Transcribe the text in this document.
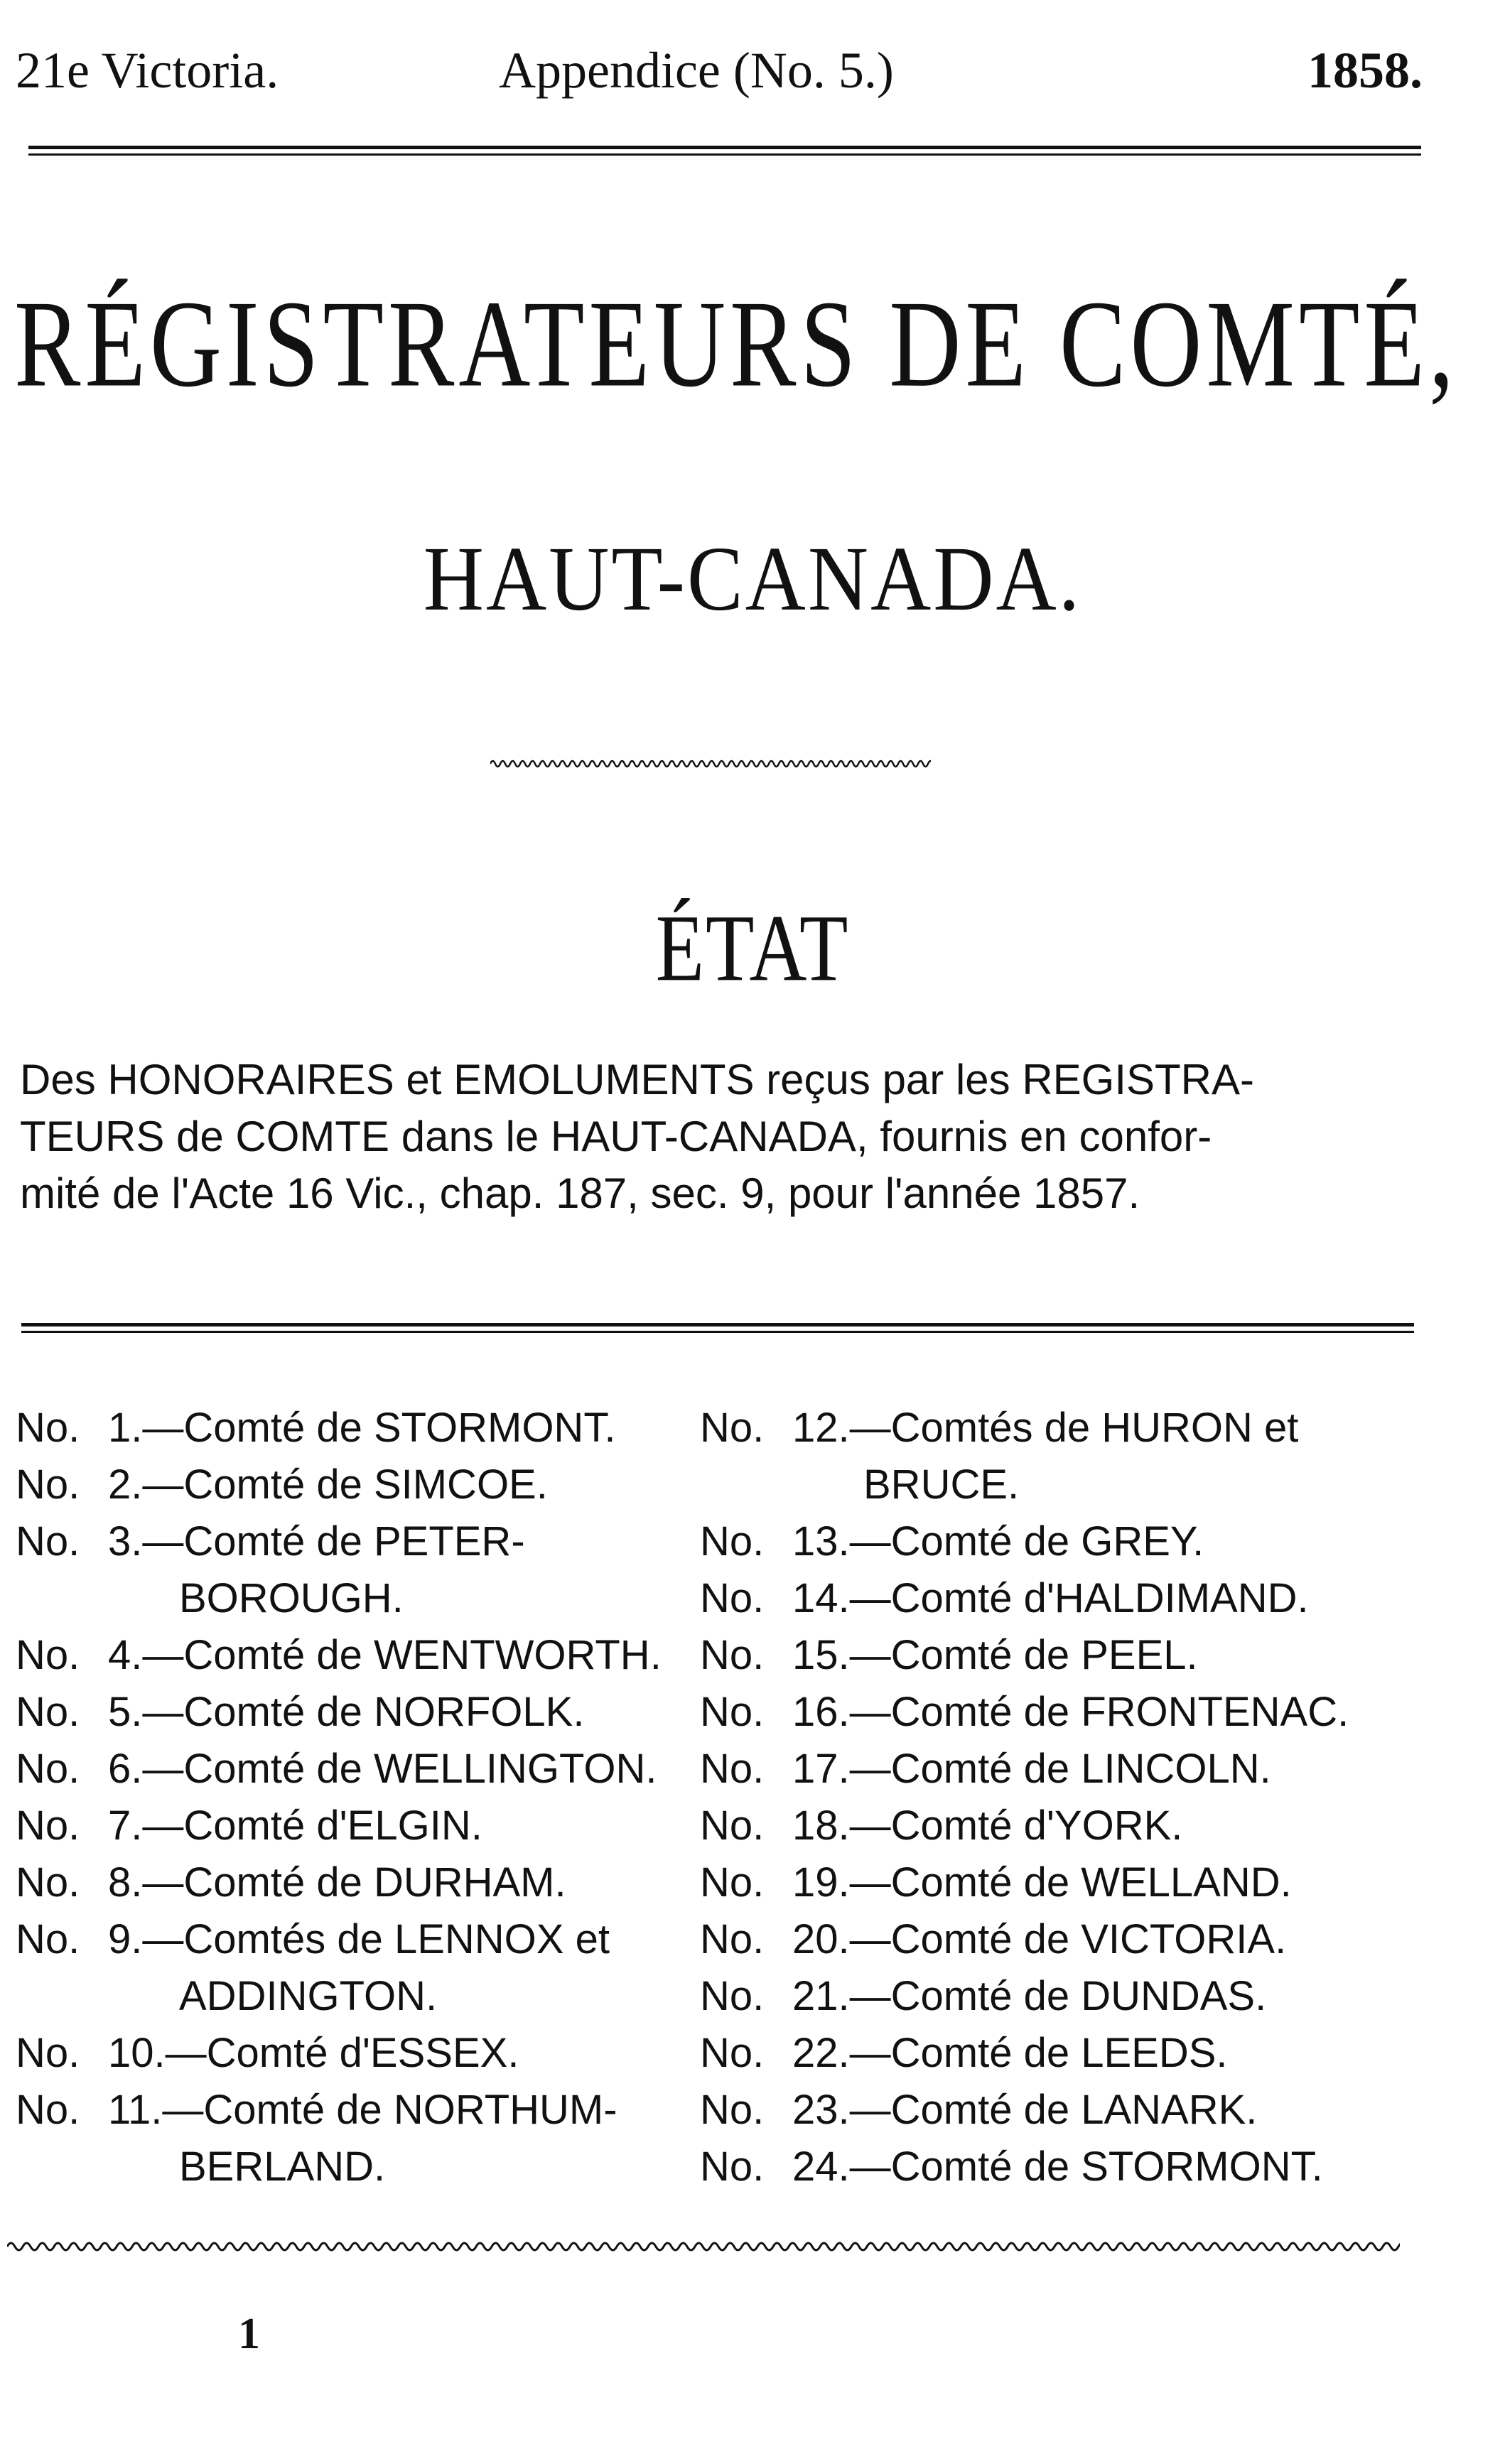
21e Victoria.	Appendice (No. 5.)	1858.
RÉGISTRATEURS DE COMTÉ,
HAUT-CANADA.
ÉTAT
Des HONORAIRES et EMOLUMENTS reçus par les REGISTRA-
TEURS de COMTE dans le HAUT-CANADA, fournis en confor-
mité de l'Acte 16 Vic., chap. 187, sec. 9, pour l'année 1857.
No. 1.—Comté de STORMONT.
No. 2.—Comté de SIMCOE.
No. 3.—Comté de PETER-
BOROUGH.
No. 4.—Comté de WENTWORTH.
No. 5.—Comté de NORFOLK.
No. 6.—Comté de WELLINGTON.
No. 7.—Comté d'ELGIN.
No. 8.—Comté de DURHAM.
No. 9.—Comtés de LENNOX et
ADDINGTON.
No. 10.—Comté d'ESSEX.
No. 11.—Comté de NORTHUM-
BERLAND.
No. 12.—Comtés de HURON et
BRUCE.
No. 13.—Comté de GREY.
No. 14.—Comté d'HALDIMAND.
No. 15.—Comté de PEEL.
No. 16.—Comté de FRONTENAC.
No. 17.—Comté de LINCOLN.
No. 18.—Comté d'YORK.
No. 19.—Comté de WELLAND.
No. 20.—Comté de VICTORIA.
No. 21.—Comté de DUNDAS.
No. 22.—Comté de LEEDS.
No. 23.—Comté de LANARK.
No. 24.—Comté de STORMONT.
1
